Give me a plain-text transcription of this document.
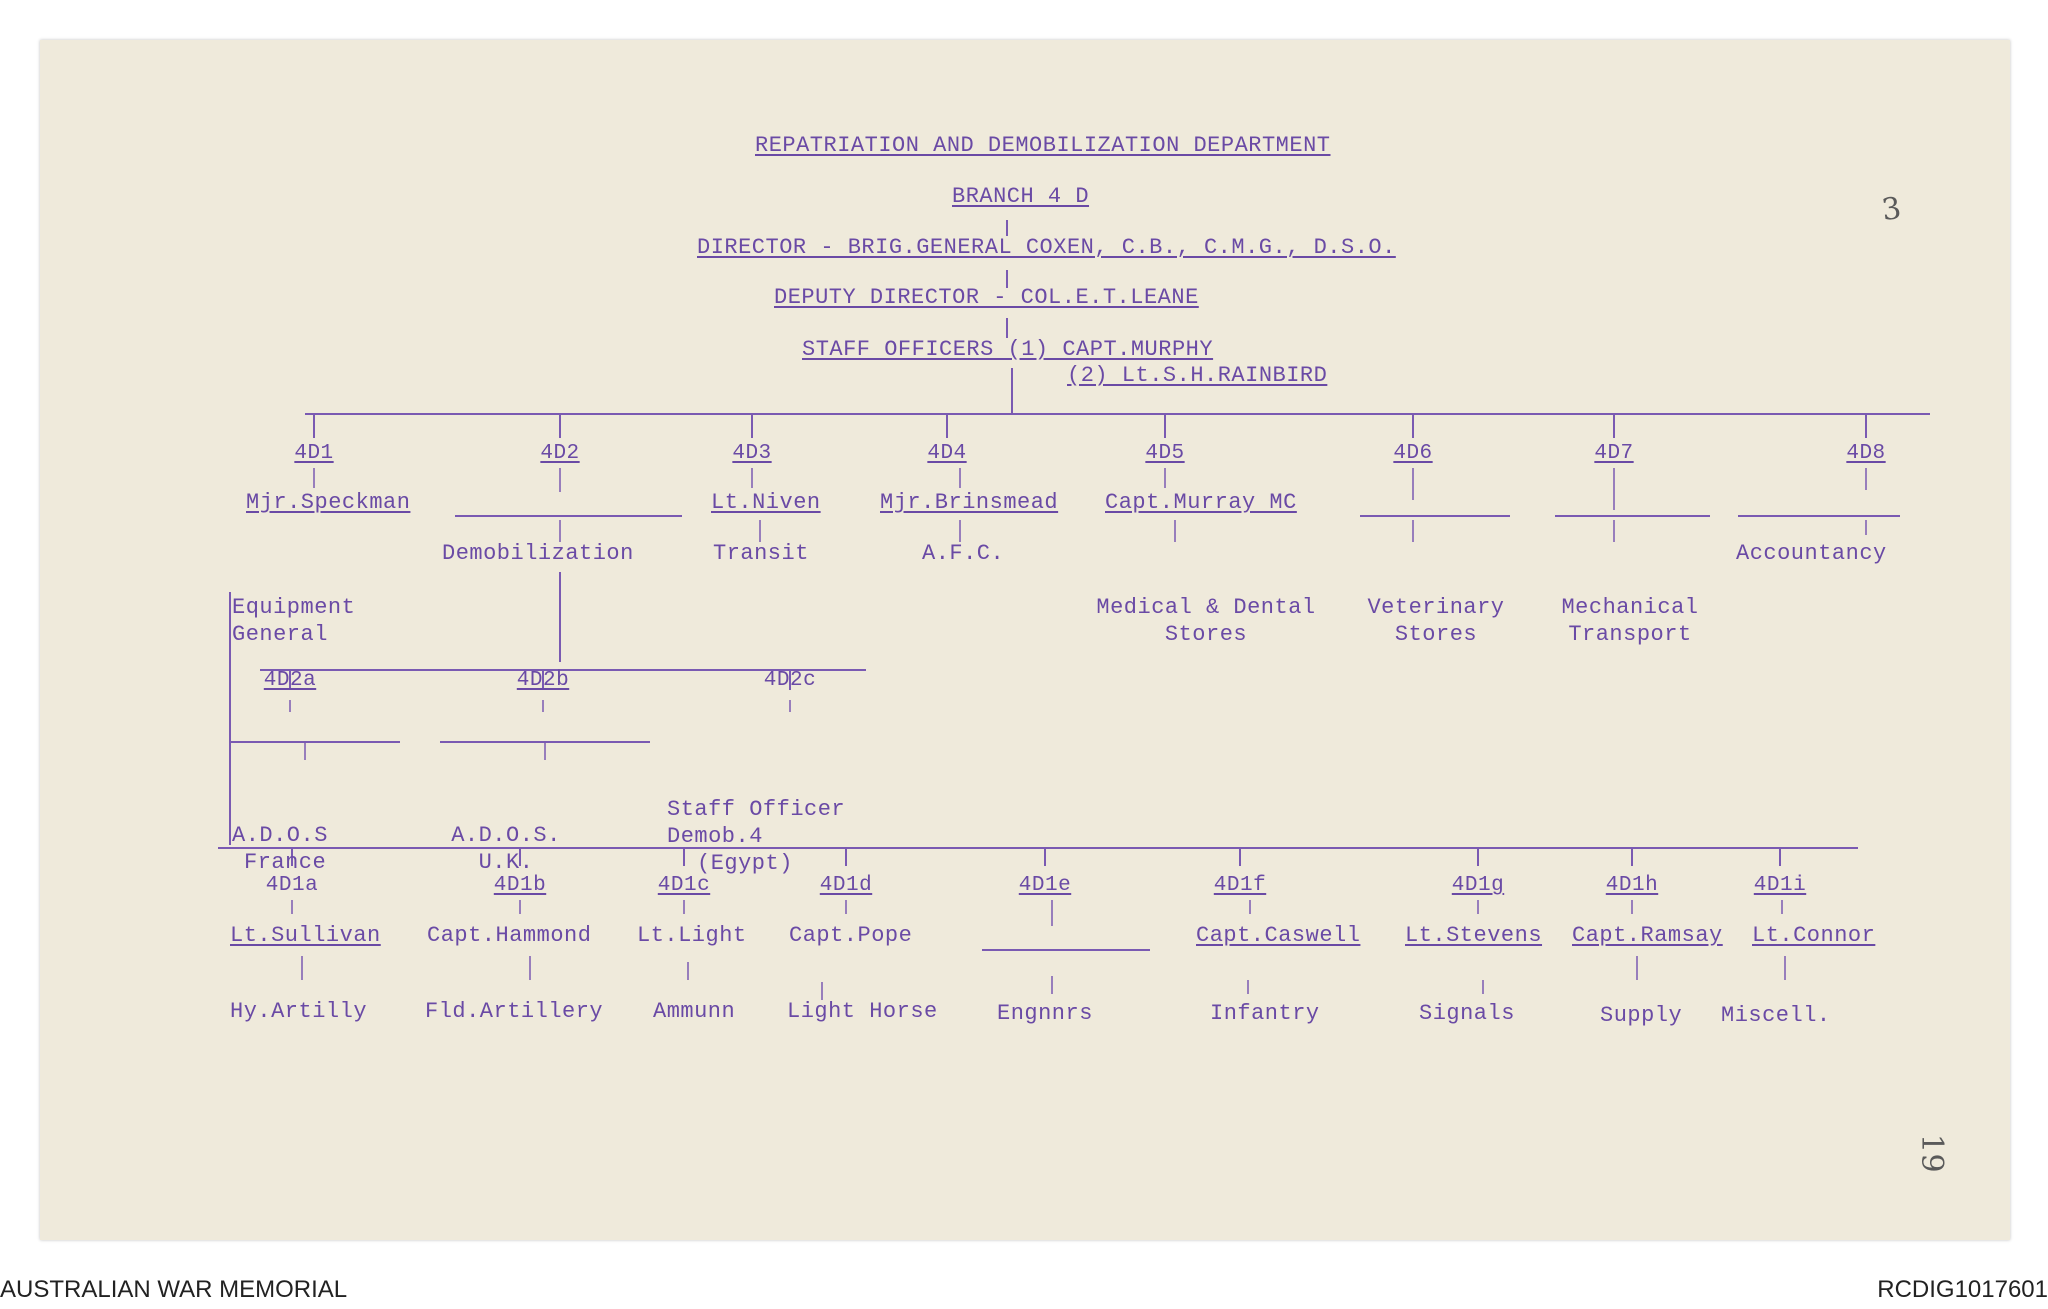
REPATRIATION AND DEMOBILIZATION DEPARTMENT
BRANCH 4 D
DIRECTOR - BRIG.GENERAL COXEN, C.B., C.M.G., D.S.O.
DEPUTY DIRECTOR - COL.E.T.LEANE
STAFF OFFICERS (1) CAPT.MURPHY
(2) Lt.S.H.RAINBIRD
4D1	4D2	4D3	4D4	4D5	4D6	4D7	4D8
Mjr.Speckman	Lt.Niven	Mjr.Brinsmead Capt.Murray MC

Equipment
General

Demobilization	Transit	A.F.C.

Medical & Dental
Stores

Veterinary
Stores

Mechanical
Transport

Accountancy
4D2a	4D2b	4D2c

A.D.O.S
France

A.D.O.S.
U.K.

Staff Officer
Demob.4
(Egypt)

4D1a	4D1b	4D1c	4D1d	4D1e	4D1f	4D1g	4D1h	4D1i
Lt.Sullivan Capt.Hammond Lt.Light Capt.Pope	Capt.Caswell Lt.Stevens Capt.Ramsay Lt.Connor
Hy.Artilly	Fld.Artillery Ammunn Light Horse	Engnnrs	Infantry	Signals	Supply Miscell.
3
19
AUSTRALIAN WAR MEMORIAL	RCDIG1017601
